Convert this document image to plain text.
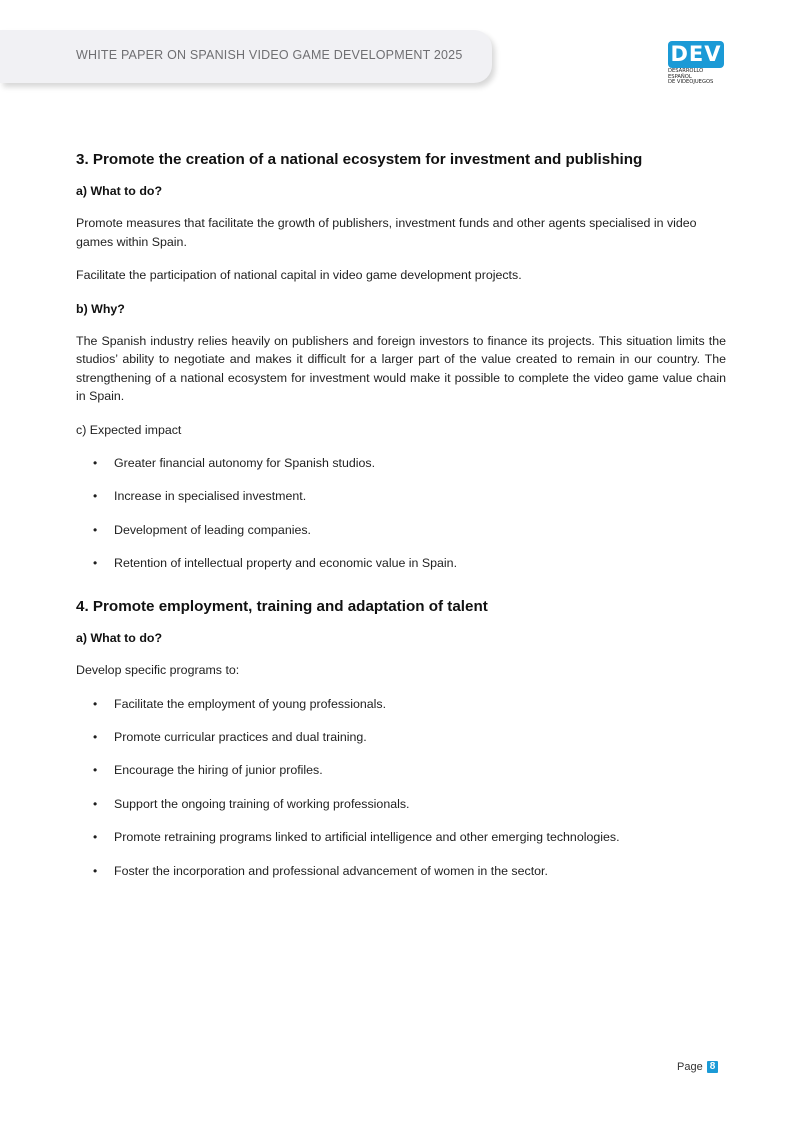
WHITE PAPER ON SPANISH VIDEO GAME DEVELOPMENT 2025	DEV
DESARROLLO ESPAÑOL
DE VIDEOJUEGOS
3. Promote the creation of a national ecosystem for investment and publishing
a) What to do?

Promote measures that facilitate the growth of publishers, investment funds and other agents specialised in video games within Spain.

Facilitate the participation of national capital in video game development projects.

b) Why?

The Spanish industry relies heavily on publishers and foreign investors to finance its projects. This situation limits the studios’ ability to negotiate and makes it difficult for a larger part of the value created to remain in our country. The strengthening of a national ecosystem for investment would make it possible to complete the video game value chain in Spain.

c) Expected impact

• Greater financial autonomy for Spanish studios.
• Increase in specialised investment.
• Development of leading companies.
• Retention of intellectual property and economic value in Spain.
4. Promote employment, training and adaptation of talent
a) What to do?

Develop specific programs to:

• Facilitate the employment of young professionals.
• Promote curricular practices and dual training.
• Encourage the hiring of junior profiles.
• Support the ongoing training of working professionals.
• Promote retraining programs linked to artificial intelligence and other emerging technologies.
• Foster the incorporation and professional advancement of women in the sector.
Page 8
